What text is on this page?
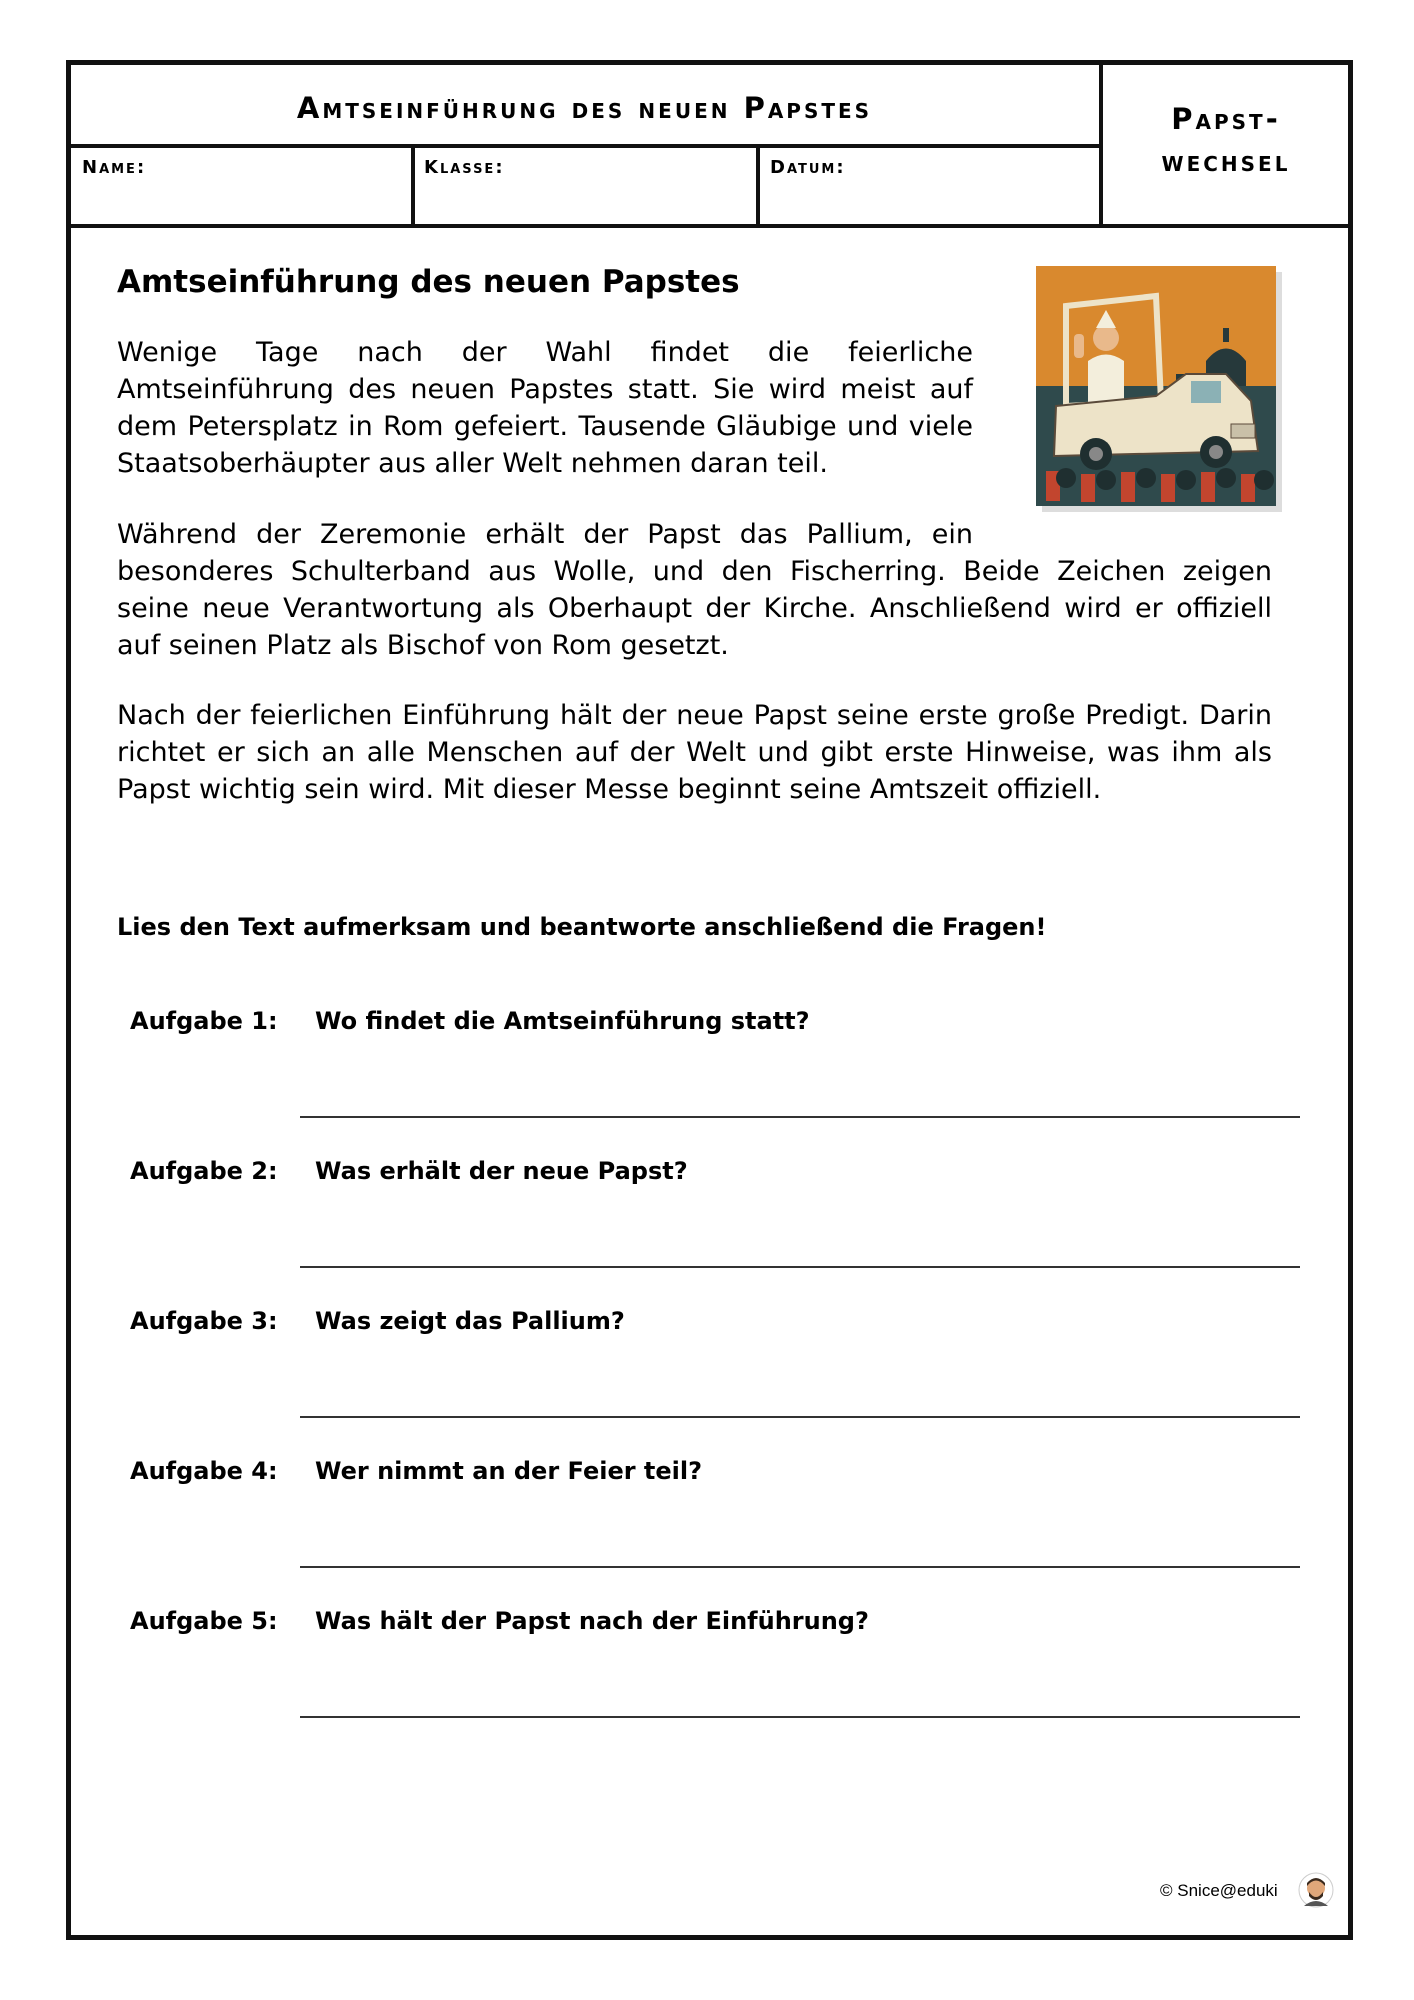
Amtseinführung des neuen Papstes	Papst-
wechsel
Name:	Klasse:	Datum:
Amtseinführung des neuen Papstes

Wenige Tage nach der Wahl findet die feierliche Amtseinführung des neuen Papstes statt. Sie wird meist auf dem Petersplatz in Rom gefeiert. Tausende Gläubige und viele Staatsoberhäupter aus aller Welt nehmen daran teil.

Während der Zeremonie erhält der Papst das Pallium, ein
besonderes Schulterband aus Wolle, und den Fischerring. Beide Zeichen zeigen seine neue Verantwortung als Oberhaupt der Kirche. Anschließend wird er offiziell auf seinen Platz als Bischof von Rom gesetzt.

Nach der feierlichen Einführung hält der neue Papst seine erste große Predigt. Darin richtet er sich an alle Menschen auf der Welt und gibt erste Hinweise, was ihm als Papst wichtig sein wird. Mit dieser Messe beginnt seine Amtszeit offiziell.

Lies den Text aufmerksam und beantworte anschließend die Fragen!

Aufgabe 1: Wo findet die Amtseinführung statt?
Aufgabe 2: Was erhält der neue Papst?
Aufgabe 3: Was zeigt das Pallium?
Aufgabe 4: Wer nimmt an der Feier teil?
Aufgabe 5: Was hält der Papst nach der Einführung?
© Snice@eduki
